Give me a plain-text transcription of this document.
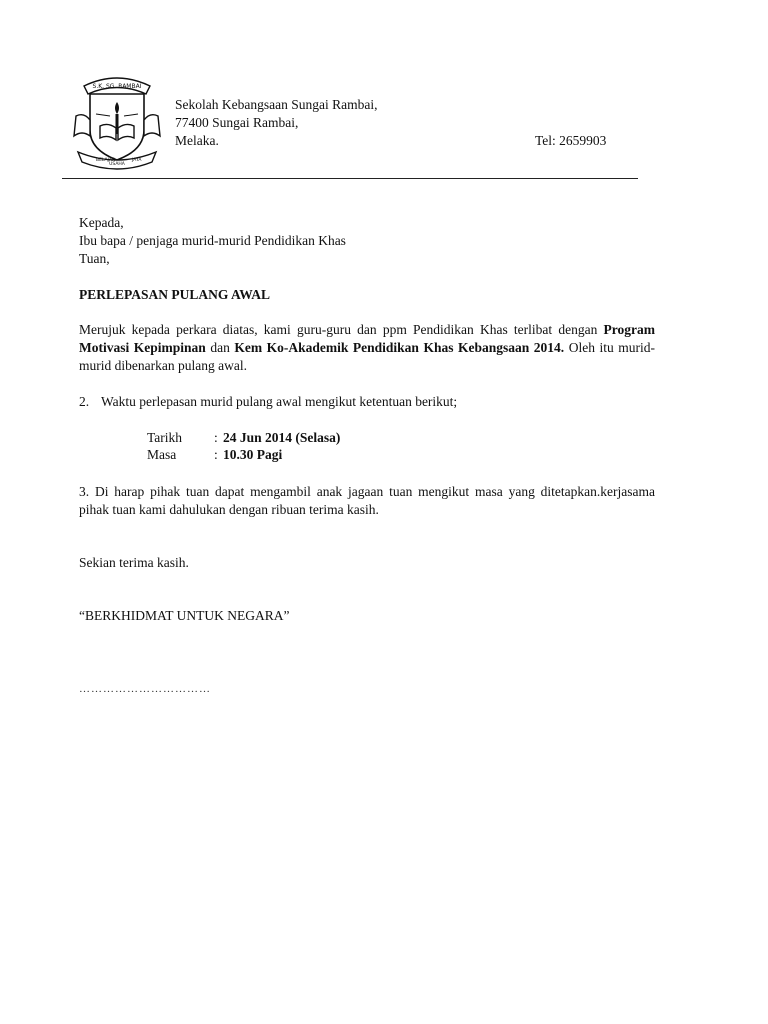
S.K. SG. RAMBAI
BELAJAR
USAHA
JAYA
Sekolah Kebangsaan Sungai Rambai,
77400 Sungai Rambai,
Melaka.	Tel: 2659903
Kepada,
Ibu bapa / penjaga murid-murid Pendidikan Khas
Tuan,
PERLEPASAN PULANG AWAL
Merujuk kepada perkara diatas, kami guru-guru dan ppm Pendidikan Khas terlibat dengan Program Motivasi Kepimpinan dan Kem Ko-Akademik Pendidikan Khas Kebangsaan 2014. Oleh itu murid-murid dibenarkan pulang awal.
2. Waktu perlepasan murid pulang awal mengikut ketentuan berikut;
Tarikh : 24 Jun 2014 (Selasa)
Masa	: 10.30 Pagi
3. Di harap pihak tuan dapat mengambil anak jagaan tuan mengikut masa yang ditetapkan.kerjasama pihak tuan kami dahulukan dengan ribuan terima kasih.
Sekian terima kasih.
“BERKHIDMAT UNTUK NEGARA”
……………………………
